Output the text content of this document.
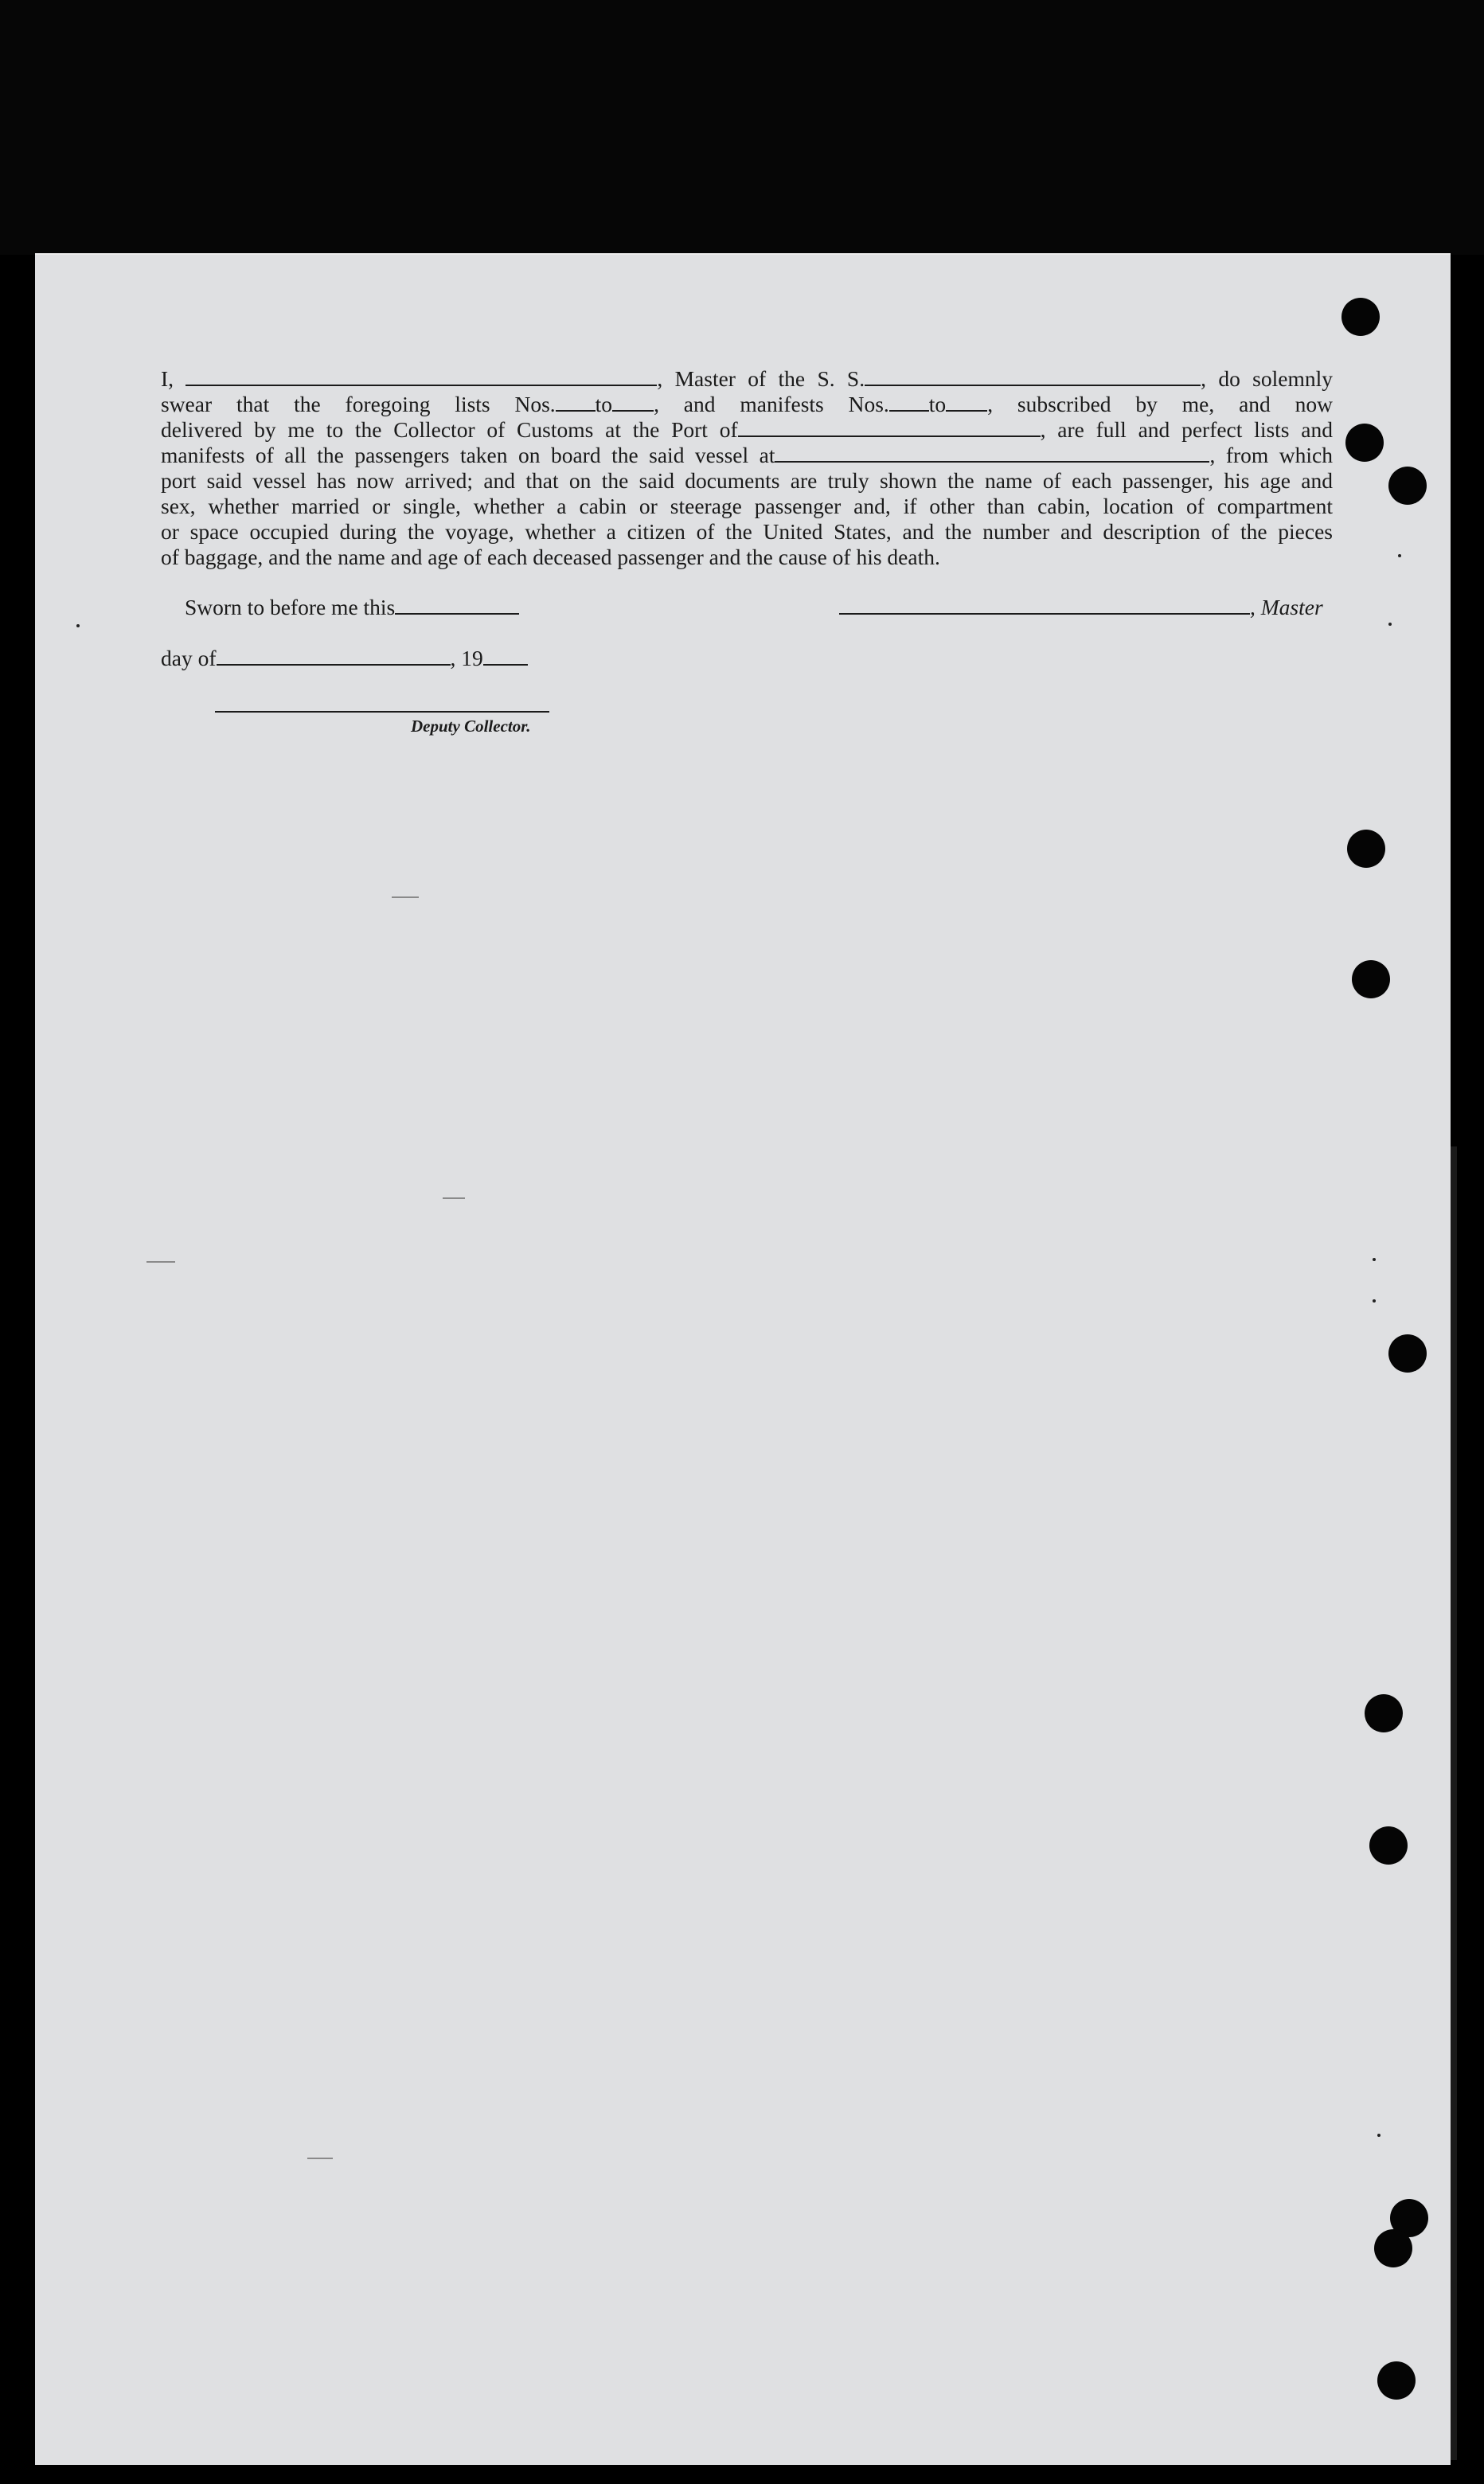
I,	, Master of the S. S.	, do solemnly
swear that the foregoing lists Nos. to , and manifests Nos. to , subscribed by me, and now
delivered by me to the Collector of Customs at the Port of	, are full and perfect lists and
manifests of all the passengers taken on board the said vessel at	, from which
port said vessel has now arrived; and that on the said documents are truly shown the name of each passenger, his age and
sex, whether married or single, whether a cabin or steerage passenger and, if other than cabin, location of compartment
or space occupied during the voyage, whether a citizen of the United States, and the number and description of the pieces
of baggage, and the name and age of each deceased passenger and the cause of his death.
Sworn to before me this	, Master
day of	, 19
Deputy Collector.
